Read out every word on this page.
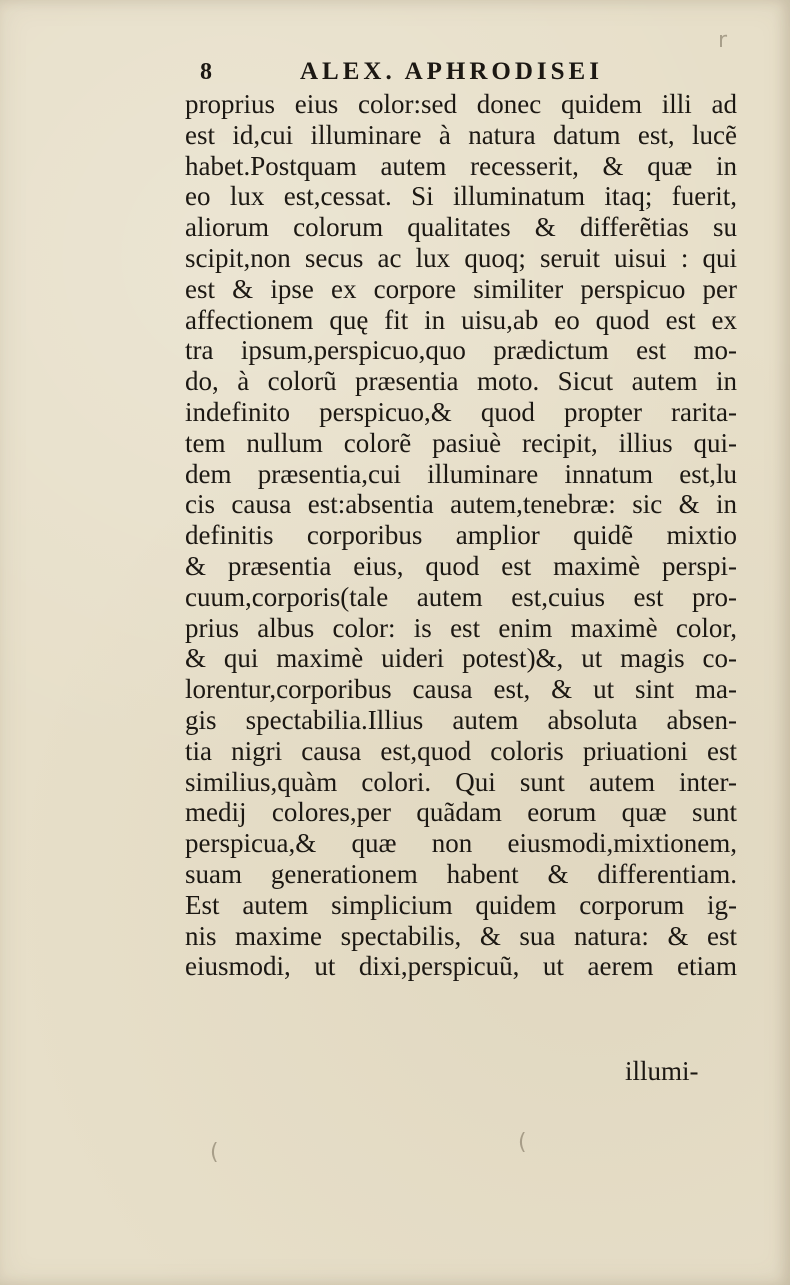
8	ALEX. APHRODISEI
proprius eius color:sed donec quidem illi ad
est id,cui illuminare à natura datum est, lucẽ
habet.Postquam autem recesserit, & quæ in
eo lux est,cessat. Si illuminatum itaq; fuerit,
aliorum colorum qualitates & differẽtias su
scipit,non secus ac lux quoq; seruit uisui : qui
est & ipse ex corpore similiter perspicuo per
affectionem quę fit in uisu,ab eo quod est ex
tra ipsum,perspicuo,quo prædictum est mo-
do, à colorũ præsentia moto. Sicut autem in
indefinito perspicuo,& quod propter rarita-
tem nullum colorẽ pasiuè recipit, illius qui-
dem præsentia,cui illuminare innatum est,lu
cis causa est:absentia autem,tenebræ: sic & in
definitis corporibus amplior quidẽ mixtio
& præsentia eius, quod est maximè perspi-
cuum,corporis(tale autem est,cuius est pro-
prius albus color: is est enim maximè color,
& qui maximè uideri potest)&, ut magis co-
lorentur,corporibus causa est, & ut sint ma-
gis spectabilia.Illius autem absoluta absen-
tia nigri causa est,quod coloris priuationi est
similius,quàm colori. Qui sunt autem inter-
medij colores,per quãdam eorum quæ sunt
perspicua,& quæ non eiusmodi,mixtionem,
suam generationem habent & differentiam.
Est autem simplicium quidem corporum ig-
nis maxime spectabilis, & sua natura: & est
eiusmodi, ut dixi,perspicuũ, ut aerem etiam
illumi-
r
(
(
